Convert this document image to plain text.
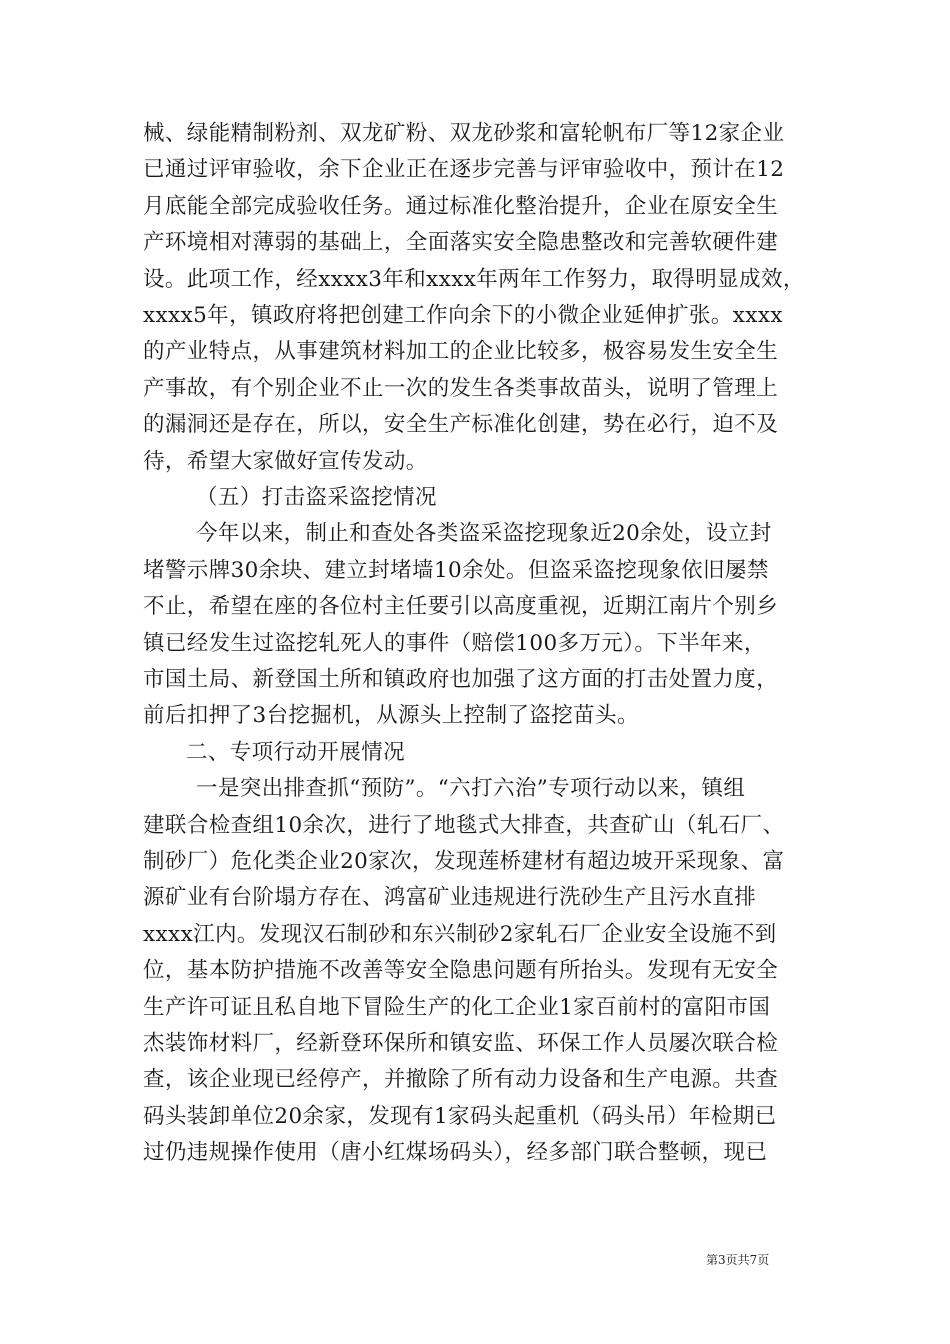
械、绿能精制粉剂、双龙矿粉、双龙砂浆和富轮帆布厂等12家企业
已通过评审验收，余下企业正在逐步完善与评审验收中，预计在12
月底能全部完成验收任务。通过标准化整治提升，企业在原安全生
产环境相对薄弱的基础上，全面落实安全隐患整改和完善软硬件建
设。此项工作，经xxxx3年和xxxx年两年工作努力，取得明显成效，
xxxx5年，镇政府将把创建工作向余下的小微企业延伸扩张。xxxx
的产业特点，从事建筑材料加工的企业比较多，极容易发生安全生
产事故，有个别企业不止一次的发生各类事故苗头，说明了管理上
的漏洞还是存在，所以，安全生产标准化创建，势在必行，迫不及
待，希望大家做好宣传发动。
（五）打击盗采盗挖情况
今年以来，制止和查处各类盗采盗挖现象近20余处，设立封
堵警示牌30余块、建立封堵墙10余处。但盗采盗挖现象依旧屡禁
不止，希望在座的各位村主任要引以高度重视，近期江南片个别乡
镇已经发生过盗挖轧死人的事件（赔偿100多万元）。下半年来，
市国土局、新登国土所和镇政府也加强了这方面的打击处置力度，
前后扣押了3台挖掘机，从源头上控制了盗挖苗头。
二、专项行动开展情况
一是突出排查抓“预防”。“六打六治”专项行动以来，镇组
建联合检查组10余次，进行了地毯式大排查，共查矿山（轧石厂、
制砂厂）危化类企业20家次，发现莲桥建材有超边坡开采现象、富
源矿业有台阶塌方存在、鸿富矿业违规进行洗砂生产且污水直排
xxxx江内。发现汉石制砂和东兴制砂2家轧石厂企业安全设施不到
位，基本防护措施不改善等安全隐患问题有所抬头。发现有无安全
生产许可证且私自地下冒险生产的化工企业1家百前村的富阳市国
杰装饰材料厂，经新登环保所和镇安监、环保工作人员屡次联合检
查，该企业现已经停产，并撤除了所有动力设备和生产电源。共查
码头装卸单位20余家，发现有1家码头起重机（码头吊）年检期已
过仍违规操作使用（唐小红煤场码头），经多部门联合整顿，现已
第3页共7页
